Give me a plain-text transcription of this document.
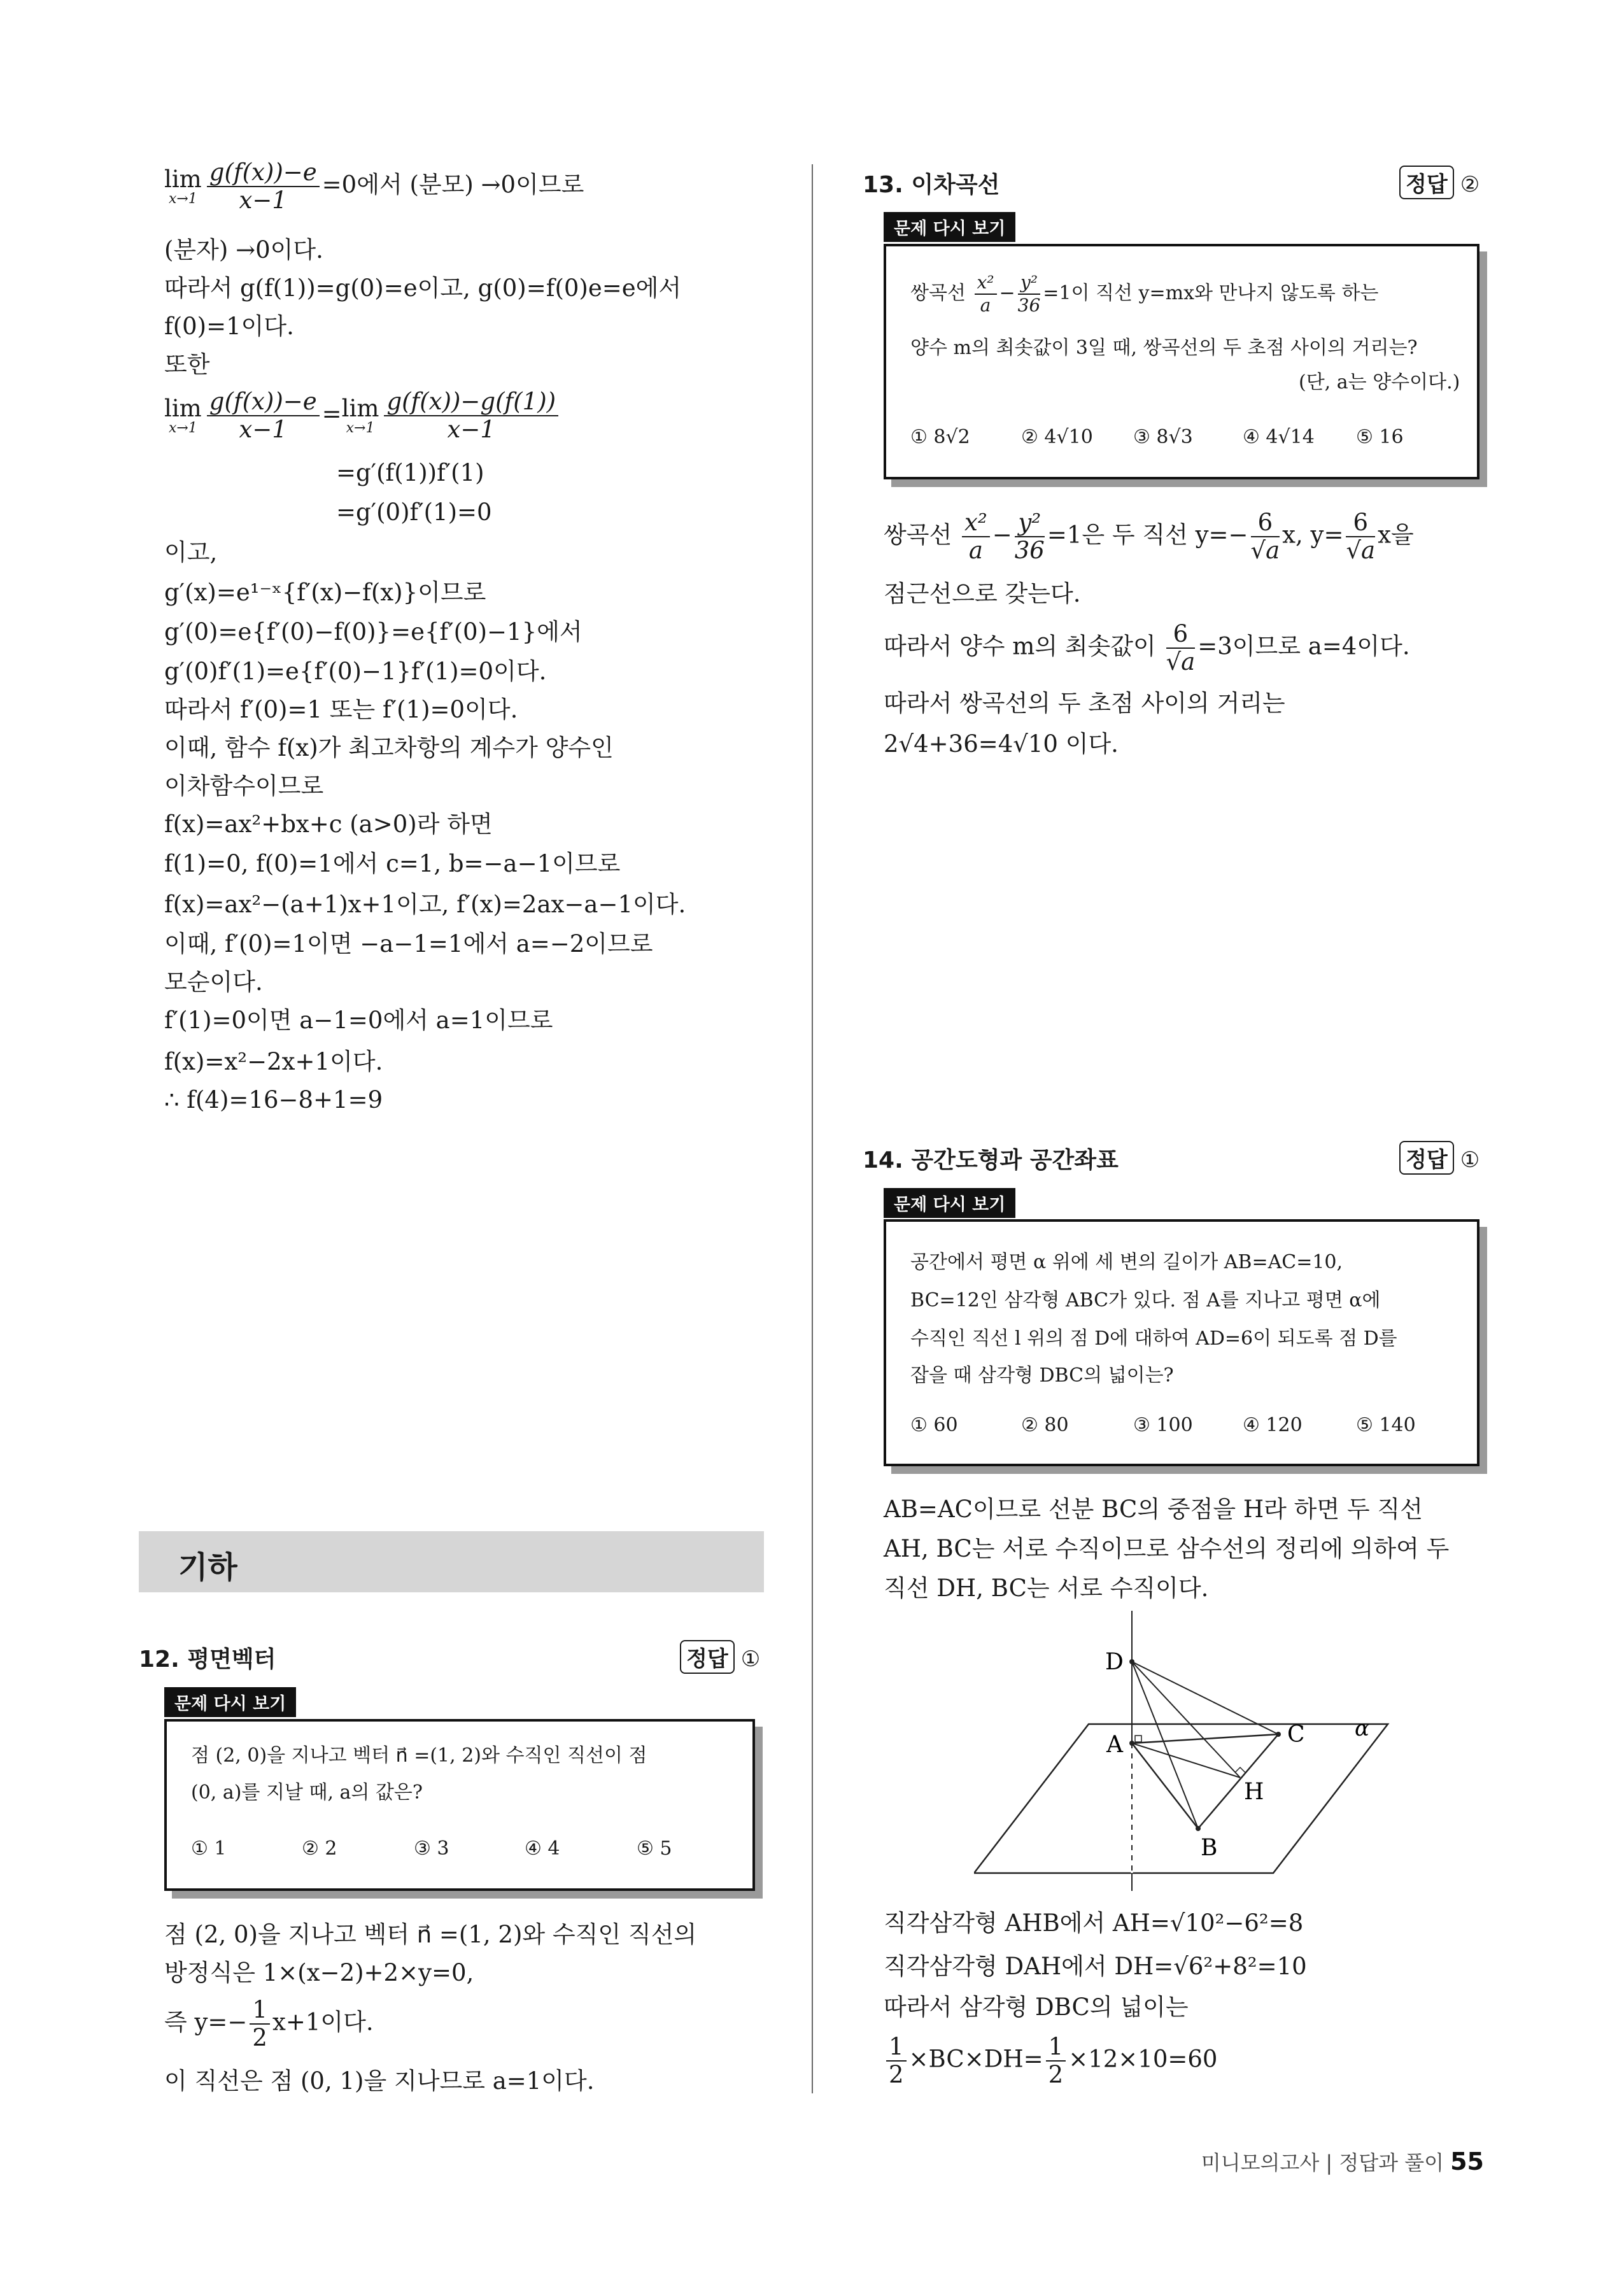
lim
$x\to 1 \frac{g(f(x))-e}{x-1} =0$에서 (분모) →0이므로
(분자) →0이다.
따라서 g(f(1))=g(0)=e이고, g(0)=f(0)e=e에서
f(0)=1이다.
또한
lim
$x\to 1 \frac{g(f(x))-e}{x-1} = \lim$
$x\to 1 \frac{g(f(x))-g(f(1))}{x-1}$
=g′(f(1))f′(1)
=g′(0)f′(1)=0
이고,
g′(x)=e¹⁻ˣ{f′(x)−f(x)}이므로
g′(0)=e{f′(0)−f(0)}=e{f′(0)−1}에서
g′(0)f′(1)=e{f′(0)−1}f′(1)=0이다.
따라서 f′(0)=1 또는 f′(1)=0이다.
이때, 함수 f(x)가 최고차항의 계수가 양수인
이차함수이므로
f(x)=ax²+bx+c (a>0)라 하면
f(1)=0, f(0)=1에서 c=1, b=−a−1이므로
f(x)=ax²−(a+1)x+1이고, f′(x)=2ax−a−1이다.
이때, f′(0)=1이면 −a−1=1에서 a=−2이므로
모순이다.
f′(1)=0이면 a−1=0에서 a=1이므로
f(x)=x²−2x+1이다.
∴ f(4)=16−8+1=9
기하
12. 평면벡터	정답 ①
문제 다시 보기
점 (2, 0)을 지나고 벡터 n⃗ =(1, 2)와 수직인 직선이 점
(0, a)를 지날 때, a의 값은?
① 1	② 2	③ 3	④ 4	⑤ 5
점 (2, 0)을 지나고 벡터 n⃗ =(1, 2)와 수직인 직선의
방정식은 1×(x−2)+2×y=0,
즉 $y=- \frac{1}{2} x+1$이다.
이 직선은 점 (0, 1)을 지나므로 a=1이다.
13. 이차곡선	정답 ②
문제 다시 보기
쌍곡선 $\frac{\text{x²}}{a} - \frac{\text{y²}}{36} =1$이 직선 y=mx와 만나지 않도록 하는
양수 m의 최솟값이 3일 때, 쌍곡선의 두 초점 사이의 거리는?
(단, a는 양수이다.)
① 8√2	② 4√10 ③ 8√3	④ 4√14 ⑤ 16
쌍곡선 $\frac{\text{x²}}{a} - \frac{\text{y²}}{36} =1$은 두 직선 $y=- \frac{6}{√a} x$, $y= \frac{6}{√a}$ x을
점근선으로 갖는다.
따라서 양수 m의 최솟값이 $\frac{6}{√a} =3$이므로 a=4이다.
따라서 쌍곡선의 두 초점 사이의 거리는
2√4+36=4√10 이다.
14. 공간도형과 공간좌표	정답 ①
문제 다시 보기
공간에서 평면 α 위에 세 변의 길이가 AB=AC=10,
BC=12인 삼각형 ABC가 있다. 점 A를 지나고 평면 α에
수직인 직선 l 위의 점 D에 대하여 AD=6이 되도록 점 D를
잡을 때 삼각형 DBC의 넓이는?
① 60	② 80	③ 100	④ 120	⑤ 140
AB=AC이므로 선분 BC의 중점을 H라 하면 두 직선
AH, BC는 서로 수직이므로 삼수선의 정리에 의하여 두
직선 DH, BC는 서로 수직이다.
D
A	C
H
B
α
직각삼각형 AHB에서 AH=√10²−6²=8
직각삼각형 DAH에서 DH=√6²+8²=10
따라서 삼각형 DBC의 넓이는
$\frac{1}{2} \times BC\times DH= \frac{1}{2} \times 12\times 10=60$
미니모의고사 | 정답과 풀이 55
